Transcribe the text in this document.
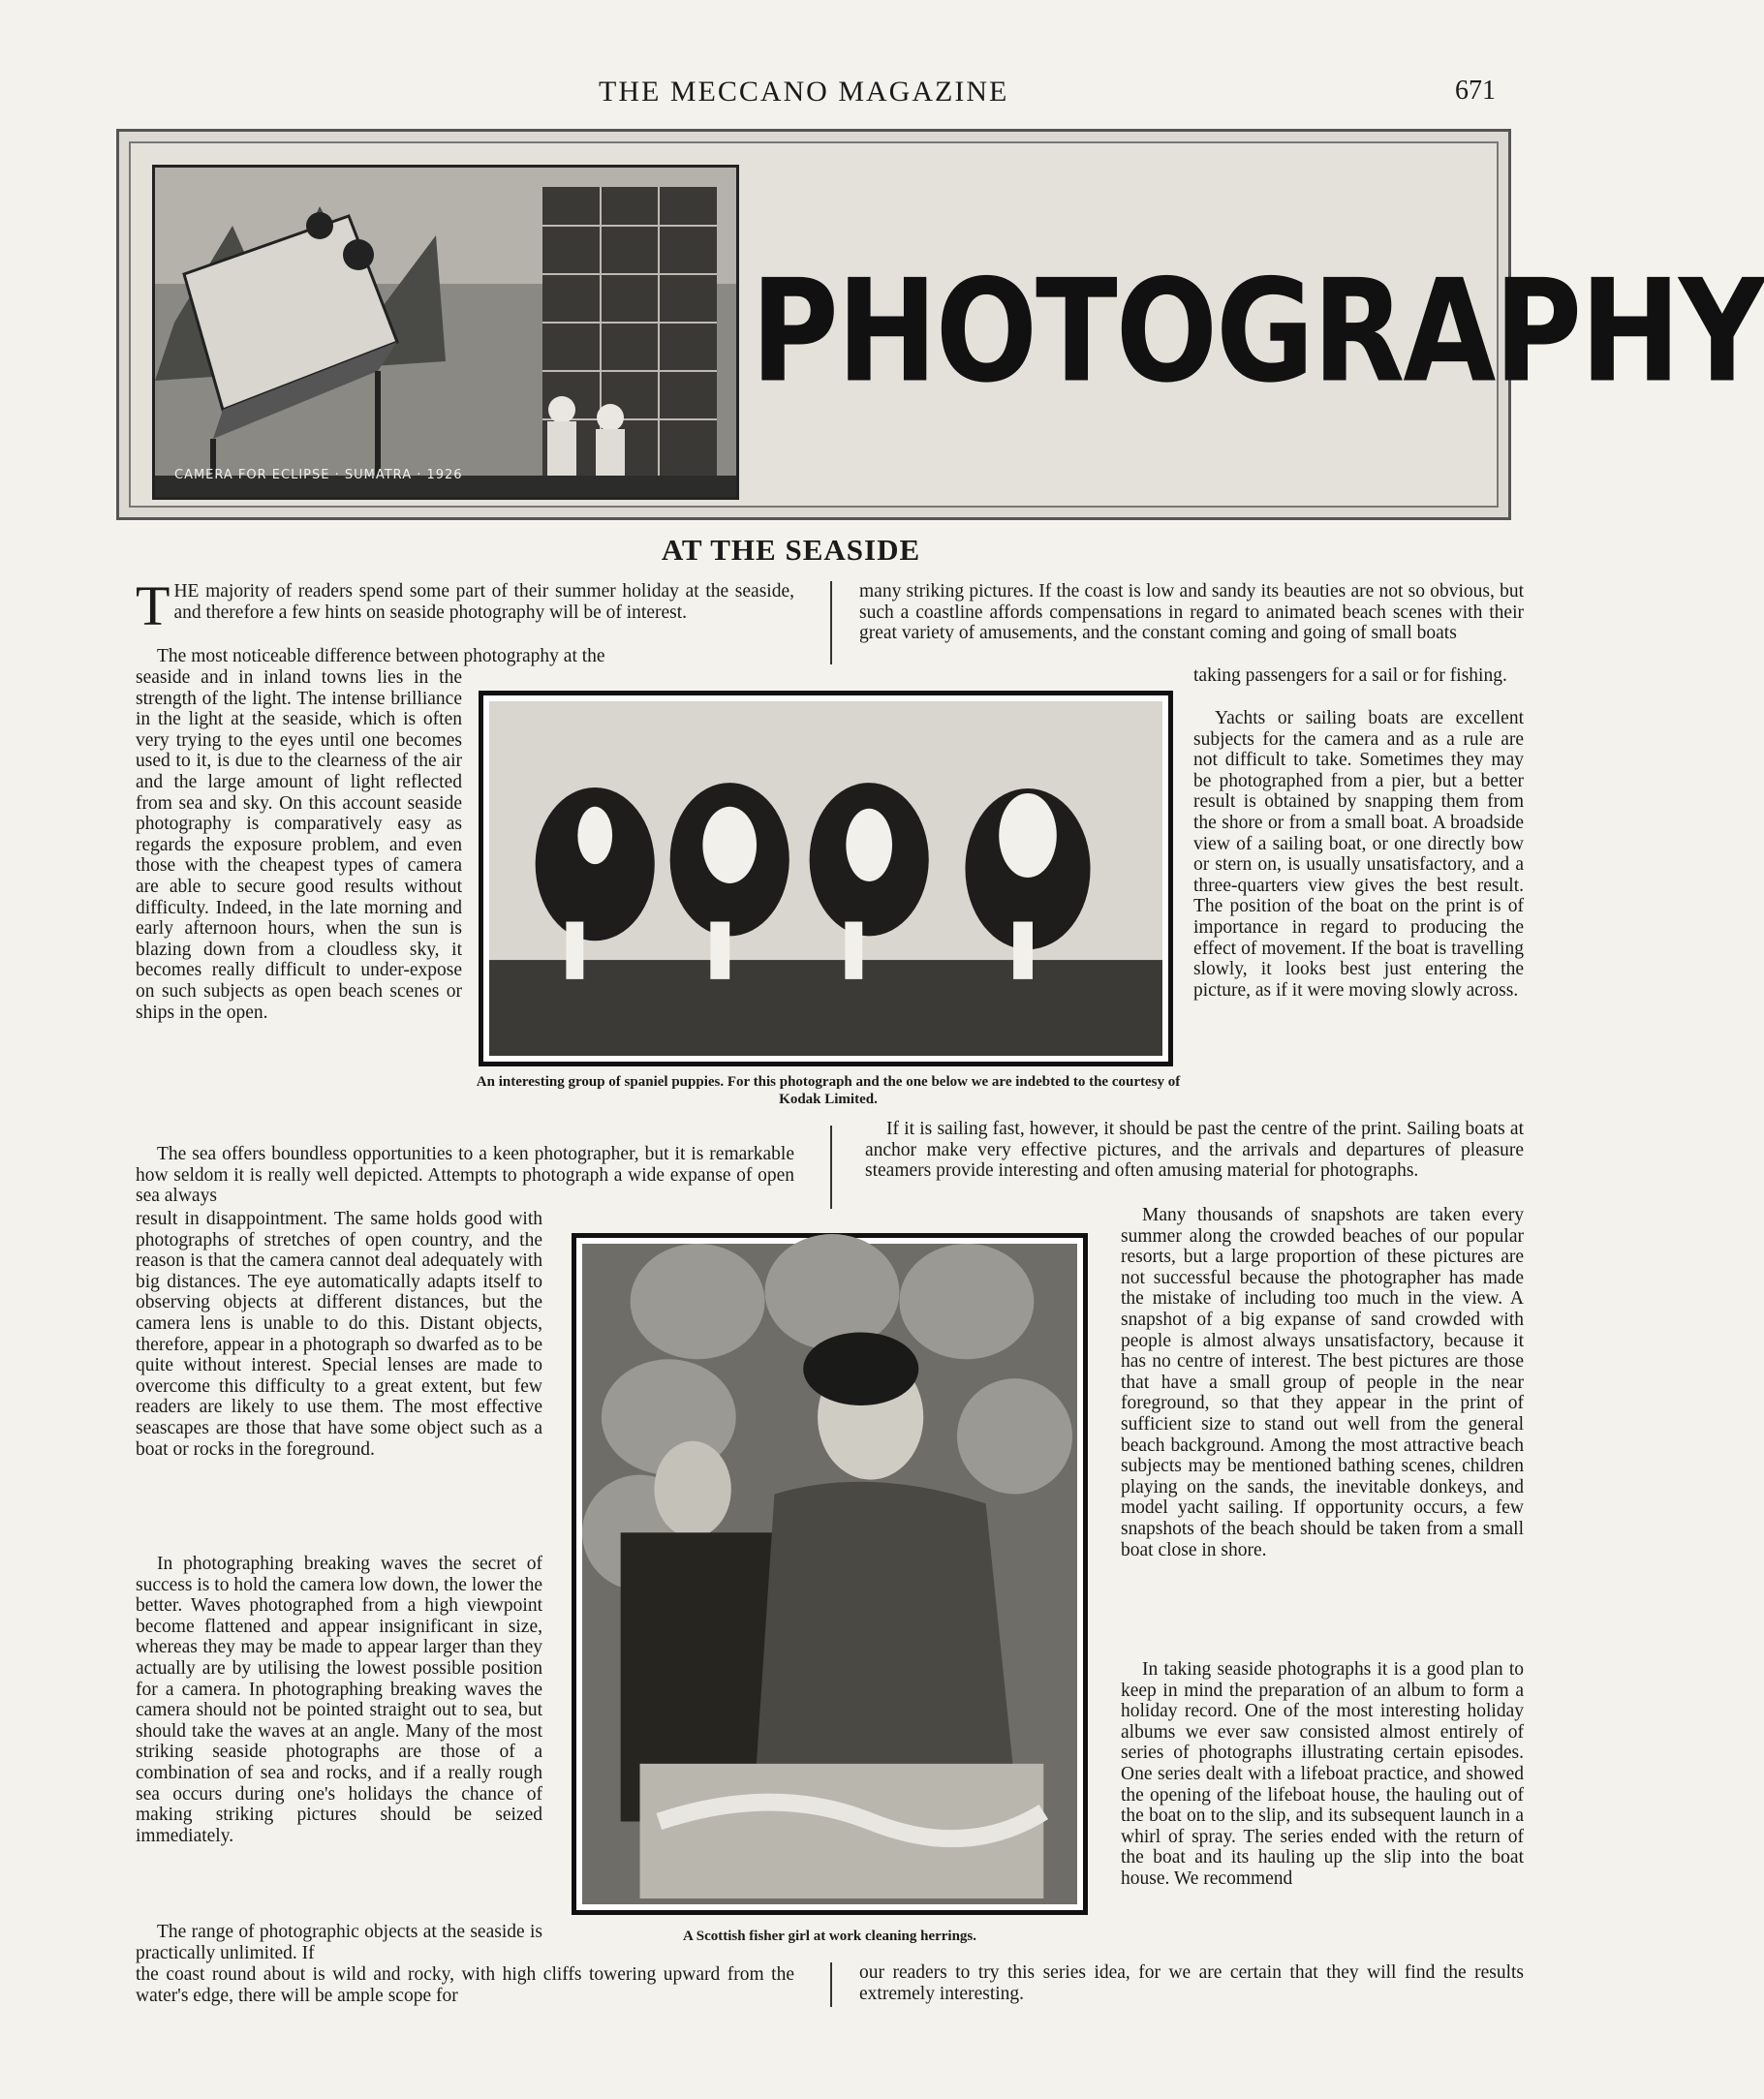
THE MECCANO MAGAZINE	671
CAMERA FOR ECLIPSE · SUMATRA · 1926
PHOTOGRAPHY
AT THE SEASIDE
T HE majority of readers spend some part of their summer holiday at the seaside, and therefore a few hints on seaside photography will be of interest.
The most noticeable difference between photography at the
seaside and in inland towns lies in the strength of the light. The intense brilliance in the light at the seaside, which is often very trying to the eyes until one becomes used to it, is due to the clearness of the air and the large amount of light reflected from sea and sky. On this account seaside photography is comparatively easy as regards the exposure problem, and even those with the cheapest types of camera are able to secure good results without difficulty. Indeed, in the late morning and early afternoon hours, when the sun is blazing down from a cloudless sky, it becomes really difficult to under-expose on such subjects as open beach scenes or ships in the open.
An interesting group of spaniel puppies. For this photograph and the one below we are indebted to the courtesy of Kodak Limited.
The sea offers boundless opportunities to a keen photographer, but it is remarkable how seldom it is really well depicted. Attempts to photograph a wide expanse of open sea always
result in disappointment. The same holds good with photographs of stretches of open country, and the reason is that the camera cannot deal adequately with big distances. The eye automatically adapts itself to observing objects at different distances, but the camera lens is unable to do this. Distant objects, therefore, appear in a photograph so dwarfed as to be quite without interest. Special lenses are made to overcome this difficulty to a great extent, but few readers are likely to use them. The most effective seascapes are those that have some object such as a boat or rocks in the foreground.
In photographing breaking waves the secret of success is to hold the camera low down, the lower the better. Waves photographed from a high viewpoint become flattened and appear insignificant in size, whereas they may be made to appear larger than they actually are by utilising the lowest possible position for a camera. In photographing breaking waves the camera should not be pointed straight out to sea, but should take the waves at an angle. Many of the most striking seaside photographs are those of a combination of sea and rocks, and if a really rough sea occurs during one's holidays the chance of making striking pictures should be seized immediately.
The range of photographic objects at the seaside is practically unlimited. If
the coast round about is wild and rocky, with high cliffs towering upward from the water's edge, there will be ample scope for
A Scottish fisher girl at work cleaning herrings.
many striking pictures. If the coast is low and sandy its beauties are not so obvious, but such a coastline affords compensations in regard to animated beach scenes with their great variety of amusements, and the constant coming and going of small boats
taking passengers for a sail or for fishing.
Yachts or sailing boats are excellent subjects for the camera and as a rule are not difficult to take. Sometimes they may be photographed from a pier, but a better result is obtained by snapping them from the shore or from a small boat. A broadside view of a sailing boat, or one directly bow or stern on, is usually unsatisfactory, and a three-quarters view gives the best result. The position of the boat on the print is of importance in regard to producing the effect of movement. If the boat is travelling slowly, it looks best just entering the picture, as if it were moving slowly across.
If it is sailing fast, however, it should be past the centre of the print. Sailing boats at anchor make very effective pictures, and the arrivals and departures of pleasure steamers provide interesting and often amusing material for photographs.
Many thousands of snapshots are taken every summer along the crowded beaches of our popular resorts, but a large proportion of these pictures are not successful because the photographer has made the mistake of including too much in the view. A snapshot of a big expanse of sand crowded with people is almost always unsatisfactory, because it has no centre of interest. The best pictures are those that have a small group of people in the near foreground, so that they appear in the print of sufficient size to stand out well from the general beach background. Among the most attractive beach subjects may be mentioned bathing scenes, children playing on the sands, the inevitable donkeys, and model yacht sailing. If opportunity occurs, a few snapshots of the beach should be taken from a small boat close in shore.
In taking seaside photographs it is a good plan to keep in mind the preparation of an album to form a holiday record. One of the most interesting holiday albums we ever saw consisted almost entirely of series of photographs illustrating certain episodes. One series dealt with a lifeboat practice, and showed the opening of the lifeboat house, the hauling out of the boat on to the slip, and its subsequent launch in a whirl of spray. The series ended with the return of the boat and its hauling up the slip into the boat house. We recommend
our readers to try this series idea, for we are certain that they will find the results extremely interesting.
